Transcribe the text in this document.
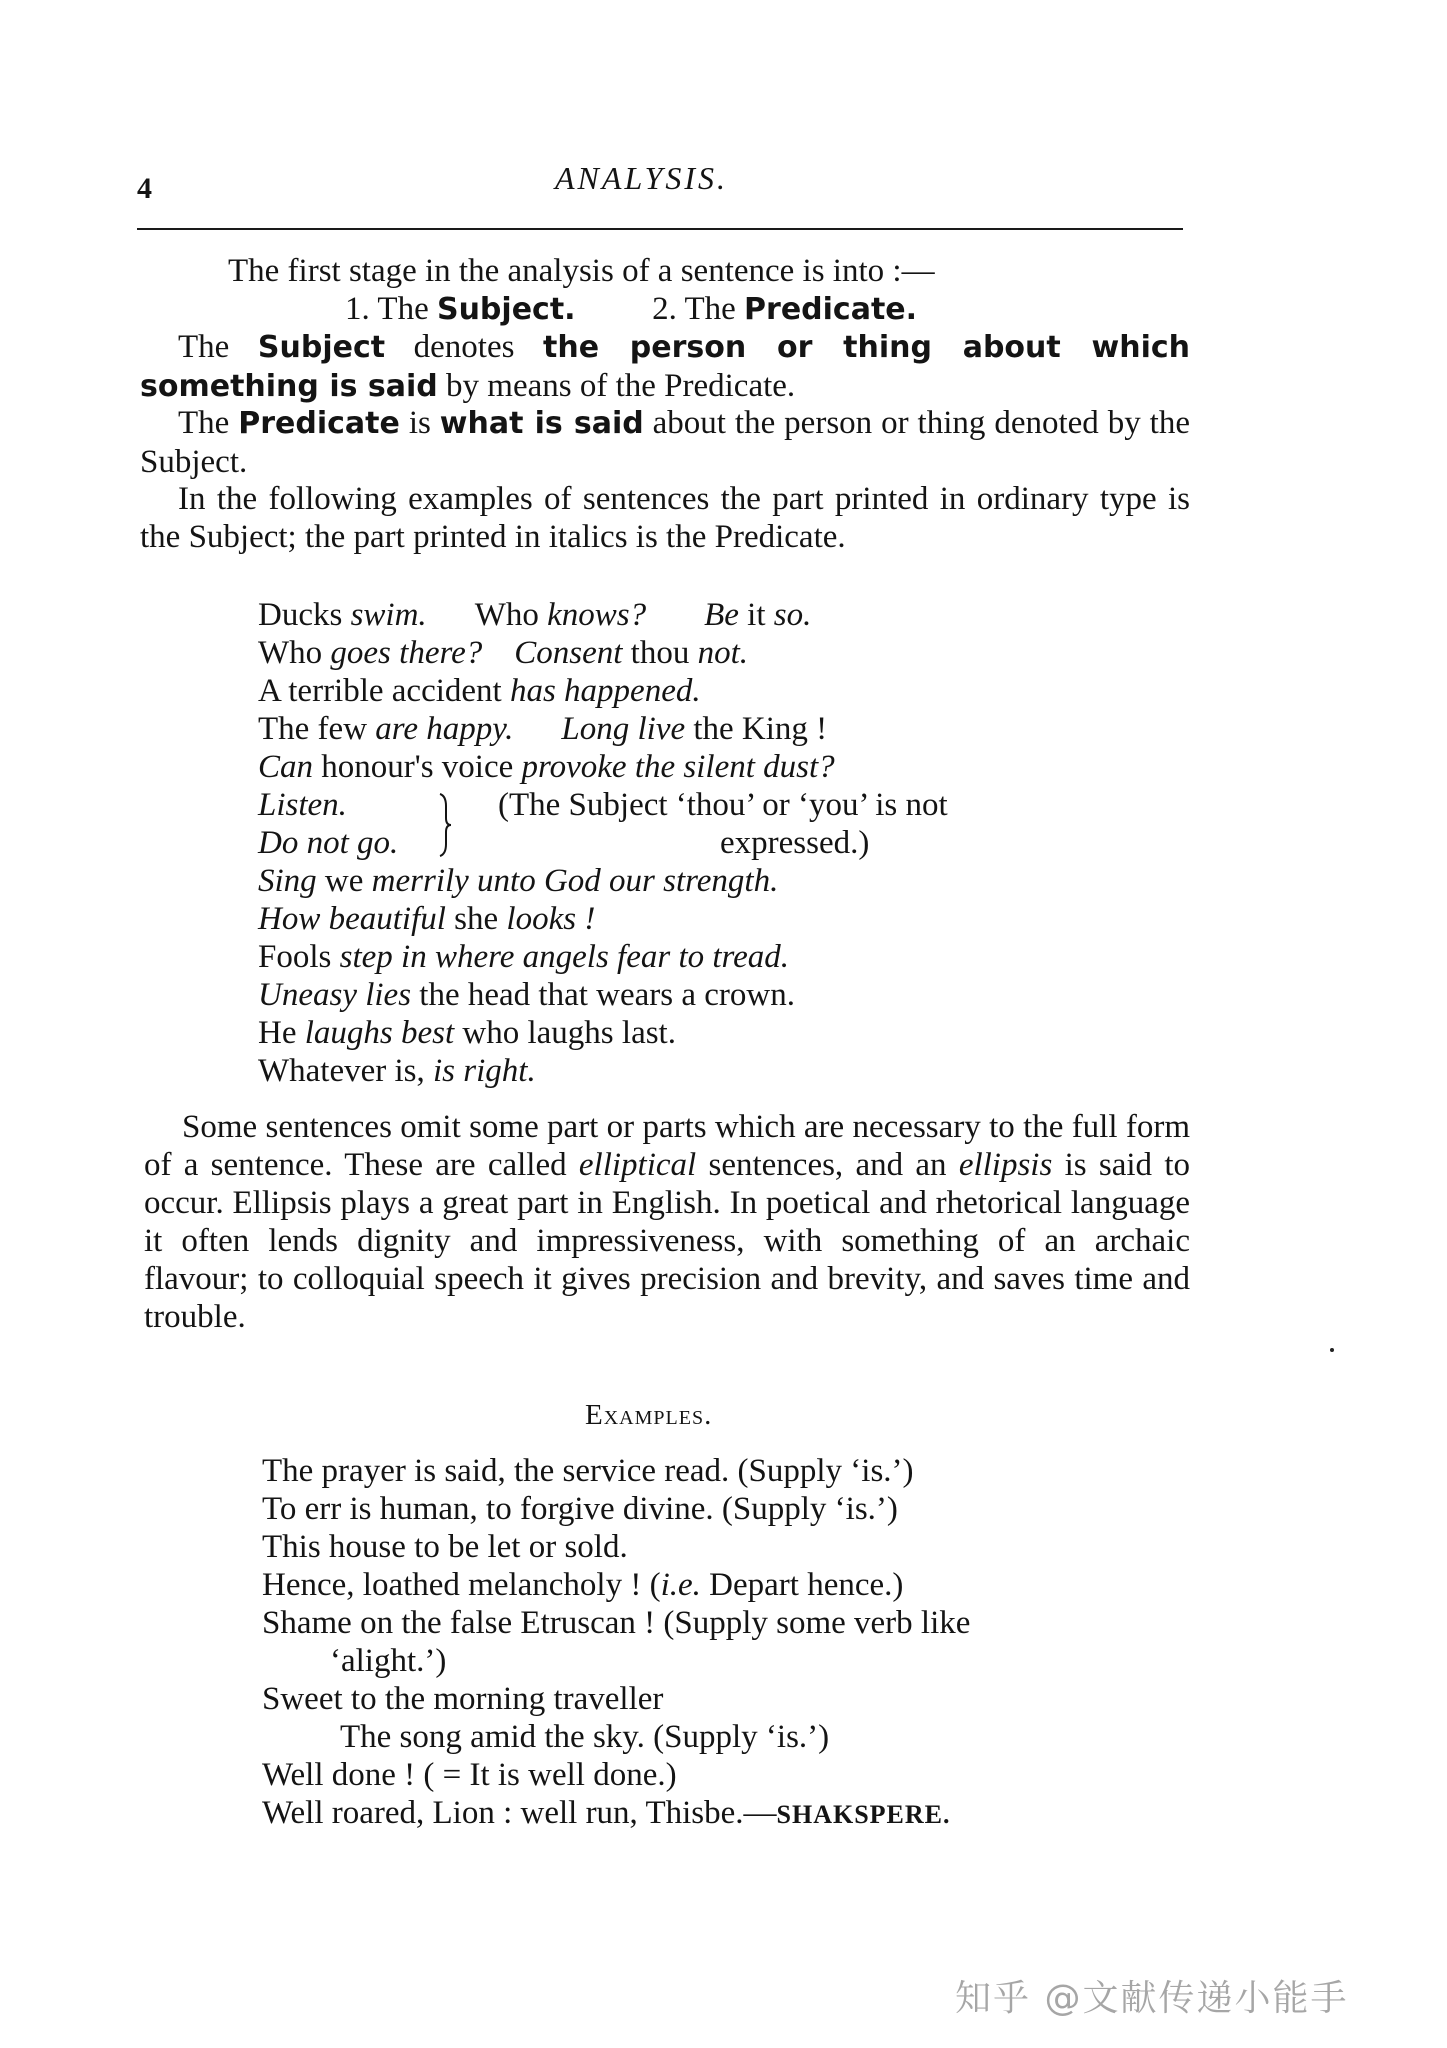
4	ANALYSIS.
The first stage in the analysis of a sentence is into :—
1. The Subject. 2. The Predicate.
The Subject denotes the person or thing about which something is said by means of the Predicate.
The Predicate is what is said about the person or thing denoted by the Subject.
In the following examples of sentences the part printed in ordinary type is the Subject; the part printed in italics is the Predicate.
Ducks swim. Who knows? Be it so.
Who goes there? Consent thou not.
A terrible accident has happened.
The few are happy. Long live the King !
Can honour's voice provoke the silent dust?
Listen.	(The Subject ‘thou’ or ‘you’ is not
Do not go.	expressed.)
Sing we merrily unto God our strength.
How beautiful she looks !
Fools step in where angels fear to tread.
Uneasy lies the head that wears a crown.
He laughs best who laughs last.
Whatever is, is right.
Some sentences omit some part or parts which are necessary to the full form of a sentence. These are called elliptical sentences, and an ellipsis is said to occur. Ellipsis plays a great part in English. In poetical and rhetorical language it often lends dignity and impressiveness, with something of an archaic flavour; to colloquial speech it gives precision and brevity, and saves time and trouble.
Examples.
The prayer is said, the service read. (Supply ‘is.’)
To err is human, to forgive divine. (Supply ‘is.’)
This house to be let or sold.
Hence, loathed melancholy ! (i.e. Depart hence.)
Shame on the false Etruscan ! (Supply some verb like
‘alight.’)
Sweet to the morning traveller
The song amid the sky. (Supply ‘is.’)
Well done ! ( = It is well done.)
Well roared, Lion : well run, Thisbe.—SHAKSPERE.
知乎 @文献传递小能手
